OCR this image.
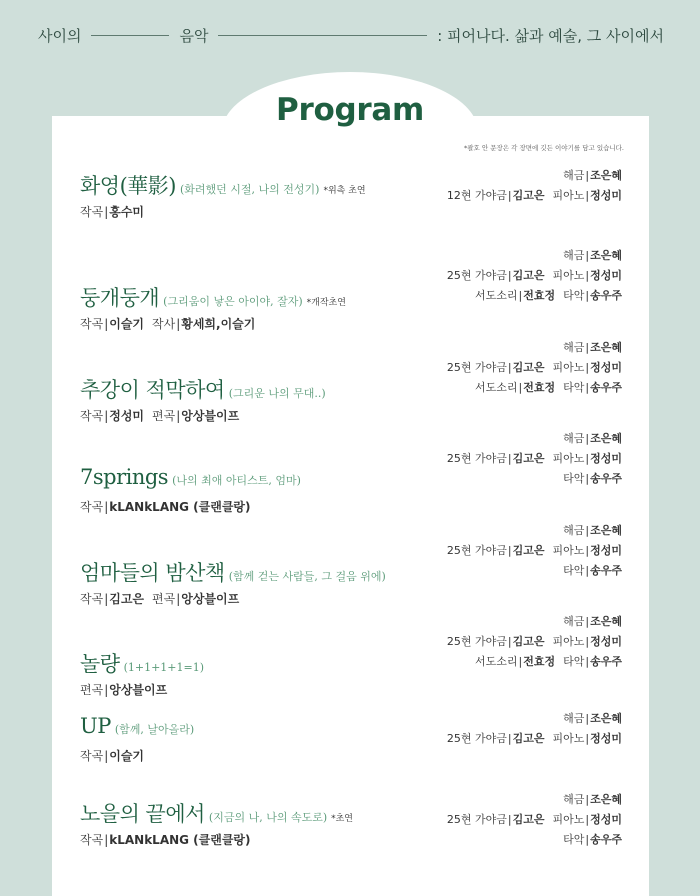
사이의	음악	: 피어나다. 삶과 예술, 그 사이에서
Program
*괄호 안 문장은 각 장면에 깃든 이야기를 담고 있습니다.
화영(華影) (화려했던 시절, 나의 전성기) *위촉 초연
작곡|홍수미
해금|조은혜
12현 가야금|김고은 피아노|정성미
둥개둥개 (그리움이 낳은 아이야, 잘자) *개작초연
작곡|이슬기 작사|황세희,이슬기
해금|조은혜
25현 가야금|김고은 피아노|정성미
서도소리|전효정 타악|송우주
추강이 적막하여 (그리운 나의 무대..)
작곡|정성미 편곡|앙상블이프
해금|조은혜
25현 가야금|김고은 피아노|정성미
서도소리|전효정 타악|송우주
7springs (나의 최애 아티스트, 엄마)
작곡|kLANkLANG (클랜클랑)
해금|조은혜
25현 가야금|김고은 피아노|정성미
타악|송우주
엄마들의 밤산책 (함께 걷는 사람들, 그 걸음 위에)
작곡|김고은 편곡|앙상블이프
해금|조은혜
25현 가야금|김고은 피아노|정성미
타악|송우주
놀량 (1+1+1+1=1)
편곡|앙상블이프
해금|조은혜
25현 가야금|김고은 피아노|정성미
서도소리|전효정 타악|송우주
UP (함께, 날아올라)
작곡|이슬기
해금|조은혜
25현 가야금|김고은 피아노|정성미
노을의 끝에서 (지금의 나, 나의 속도로) *초연
작곡|kLANkLANG (클랜클랑)
해금|조은혜
25현 가야금|김고은 피아노|정성미
타악|송우주
